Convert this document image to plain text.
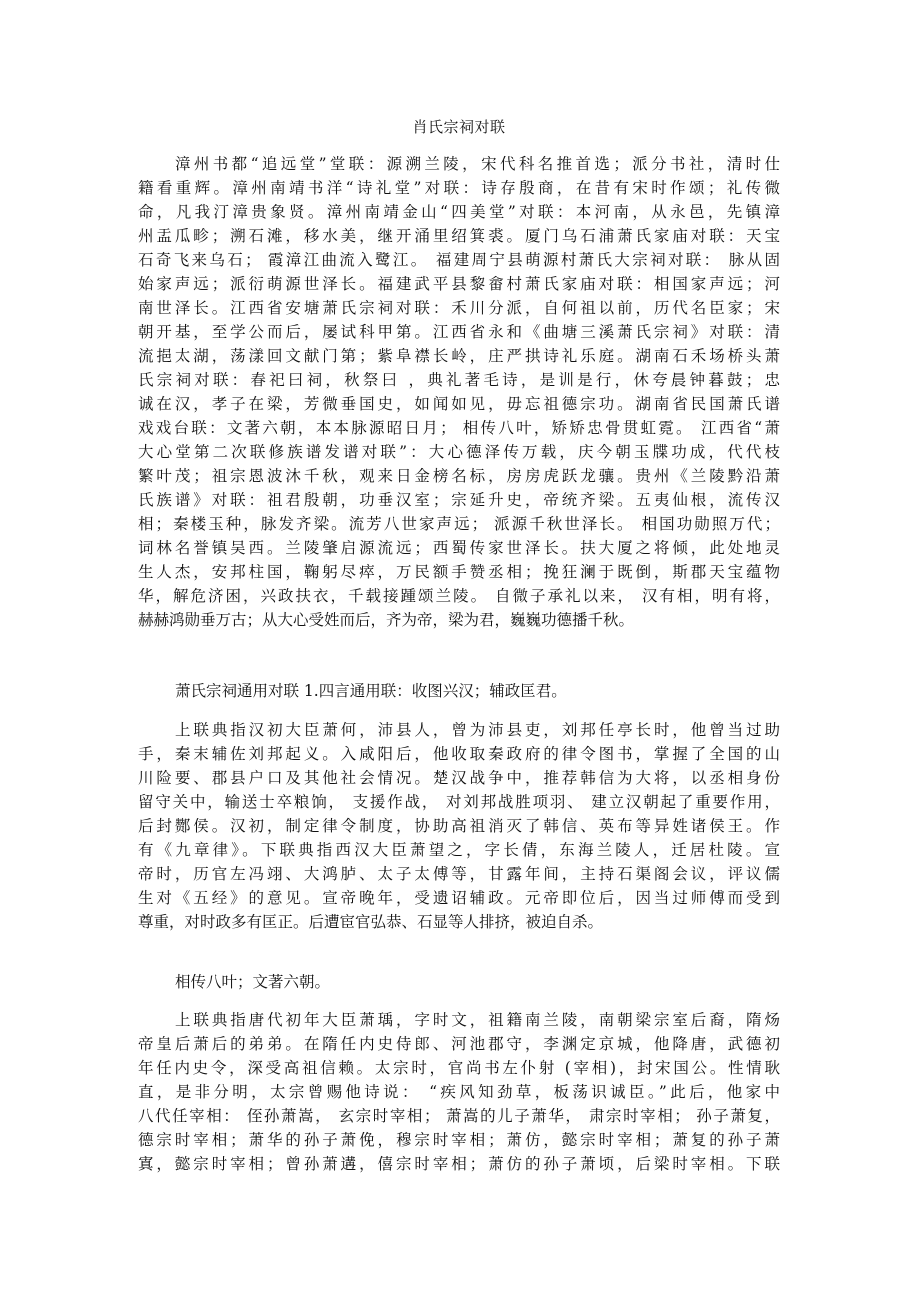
肖氏宗祠对联
漳州书都“追远堂”堂联：源溯兰陵，宋代科名推首选；派分书社，清时仕
籍看重辉。漳州南靖书洋“诗礼堂”对联：诗存殷商，在昔有宋时作颂；礼传微
命，凡我汀漳贵象贤。漳州南靖金山“四美堂”对联：本河南，从永邑，先镇漳
州盂瓜畛；溯石滩，移水美，继开涌里绍箕裘。厦门乌石浦萧氏家庙对联：天宝
石奇飞来乌石； 霞漳江曲流入鹭江。 福建周宁县萌源村萧氏大宗祠对联： 脉从固
始家声远；派衍萌源世泽长。福建武平县黎畲村萧氏家庙对联：相国家声远；河
南世泽长。江西省安塘萧氏宗祠对联：禾川分派，自何祖以前，历代名臣家；宋
朝开基，至学公而后，屡试科甲第。江西省永和《曲塘三溪萧氏宗祠》对联：清
流挹太湖，荡漾回文献门第；紫阜襟长岭，庄严拱诗礼乐庭。湖南石禾场桥头萧
氏宗祠对联：春祀曰祠，秋祭曰 ，典礼著毛诗，是训是行，休夸晨钟暮鼓；忠
诚在汉，孝子在梁，芳微垂国史，如闻如见，毋忘祖德宗功。湖南省民国萧氏谱
戏戏台联：文著六朝，本本脉源昭日月； 相传八叶，矫矫忠骨贯虹霓。 江西省“萧
大心堂第二次联修族谱发谱对联”：大心德泽传万载，庆今朝玉牒功成，代代枝
繁叶茂；祖宗恩波沐千秋，观来日金榜名标，房房虎跃龙骧。贵州《兰陵黔沿萧
氏族谱》对联：祖君殷朝，功垂汉室；宗延升史，帝统齐梁。五夷仙根，流传汉
相；秦楼玉种，脉发齐梁。流芳八世家声远； 派源千秋世泽长。 相国功勋照万代；
词林名誉镇吴西。兰陵肇启源流远；西蜀传家世泽长。扶大厦之将倾，此处地灵
生人杰，安邦柱国，鞠躬尽瘁，万民额手赞丞相；挽狂澜于既倒，斯郡天宝蕴物
华，解危济困，兴政扶衣，千载接踵颂兰陵。 自微子承礼以来， 汉有相，明有将，
赫赫鸿勋垂万古；从大心受姓而后，齐为帝，梁为君，巍巍功德播千秋。
萧氏宗祠通用对联 1.四言通用联：收图兴汉；辅政匡君。
上联典指汉初大臣萧何，沛县人，曾为沛县吏，刘邦任亭长时，他曾当过助
手，秦末辅佐刘邦起义。入咸阳后，他收取秦政府的律令图书，掌握了全国的山
川险要、郡县户口及其他社会情况。楚汉战争中，推荐韩信为大将，以丞相身份
留守关中，输送士卒粮饷， 支援作战， 对刘邦战胜项羽、 建立汉朝起了重要作用，
后封酂侯。汉初，制定律令制度，协助高祖消灭了韩信、英布等异姓诸侯王。作
有《九章律》。下联典指西汉大臣萧望之，字长倩，东海兰陵人，迁居杜陵。宣
帝时，历官左冯翊、大鸿胪、太子太傅等，甘露年间，主持石渠阁会议，评议儒
生对《五经》的意见。宣帝晚年，受遗诏辅政。元帝即位后，因当过师傅而受到
尊重，对时政多有匡正。后遭宦官弘恭、石显等人排挤，被迫自杀。
相传八叶；文著六朝。
上联典指唐代初年大臣萧瑀，字时文，祖籍南兰陵，南朝梁宗室后裔，隋炀
帝皇后萧后的弟弟。在隋任内史侍郎、河池郡守，李渊定京城，他降唐，武德初
年任内史令，深受高祖信赖。太宗时，官尚书左仆射 (宰相)，封宋国公。性情耿
直，是非分明，太宗曾赐他诗说： “疾风知劲草，板荡识诚臣。”此后，他家中
八代任宰相： 侄孙萧嵩， 玄宗时宰相； 萧嵩的儿子萧华， 肃宗时宰相； 孙子萧复，
德宗时宰相；萧华的孙子萧俛，穆宗时宰相；萧仿，懿宗时宰相；萧复的孙子萧
寘，懿宗时宰相；曾孙萧遘，僖宗时宰相；萧仿的孙子萧顷，后梁时宰相。下联
